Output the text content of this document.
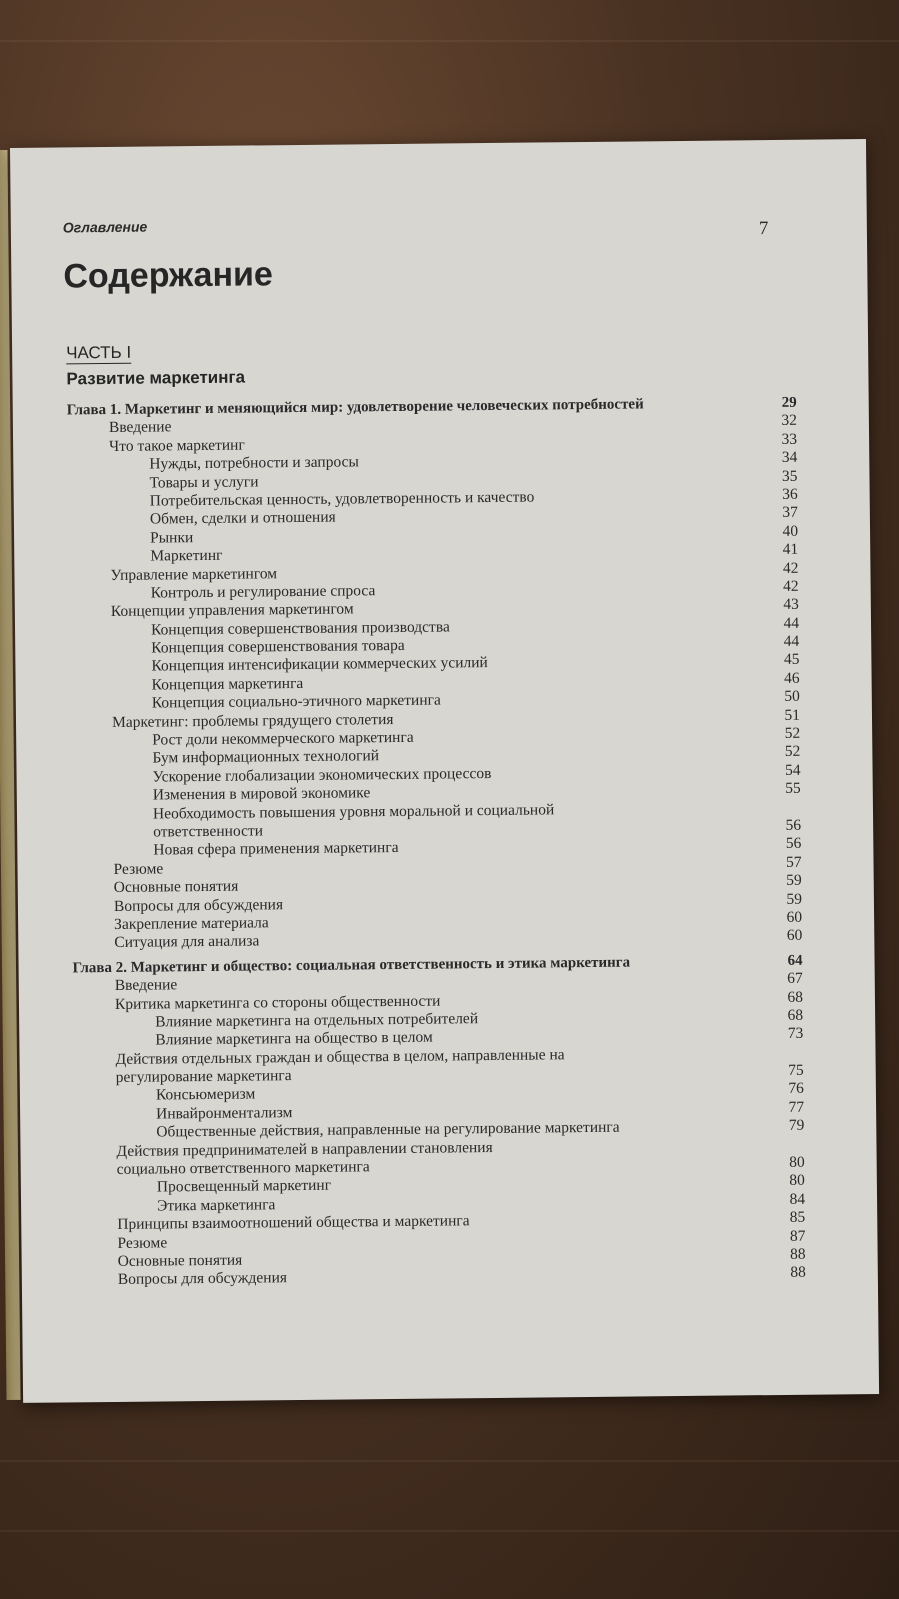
Оглавление	7
Содержание
ЧАСТЬ I
Развитие маркетинга
Глава 1. Маркетинг и меняющийся мир: удовлетворение человеческих потребностей	29
Введение	32
Что такое маркетинг	33
Нужды, потребности и запросы	34
Товары и услуги	35
Потребительская ценность, удовлетворенность и качество	36
Обмен, сделки и отношения	37
Рынки	40
Маркетинг	41
Управление маркетингом	42
Контроль и регулирование спроса	42
Концепции управления маркетингом	43
Концепция совершенствования производства	44
Концепция совершенствования товара	44
Концепция интенсификации коммерческих усилий	45
Концепция маркетинга	46
Концепция социально-этичного маркетинга	50
Маркетинг: проблемы грядущего столетия	51
Рост доли некоммерческого маркетинга	52
Бум информационных технологий	52
Ускорение глобализации экономических процессов	54
Изменения в мировой экономике	55
Необходимость повышения уровня моральной и социальной
ответственности	56
Новая сфера применения маркетинга	56
Резюме	57
Основные понятия	59
Вопросы для обсуждения	59
Закрепление материала	60
Ситуация для анализа	60
Глава 2. Маркетинг и общество: социальная ответственность и этика маркетинга	64
Введение	67
Критика маркетинга со стороны общественности	68
Влияние маркетинга на отдельных потребителей	68
Влияние маркетинга на общество в целом	73
Действия отдельных граждан и общества в целом, направленные на
регулирование маркетинга	75
Консьюмеризм	76
Инвайронментализм	77
Общественные действия, направленные на регулирование маркетинга	79
Действия предпринимателей в направлении становления
социально ответственного маркетинга	80
Просвещенный маркетинг	80
Этика маркетинга	84
Принципы взаимоотношений общества и маркетинга	85
Резюме	87
Основные понятия	88
Вопросы для обсуждения	88
